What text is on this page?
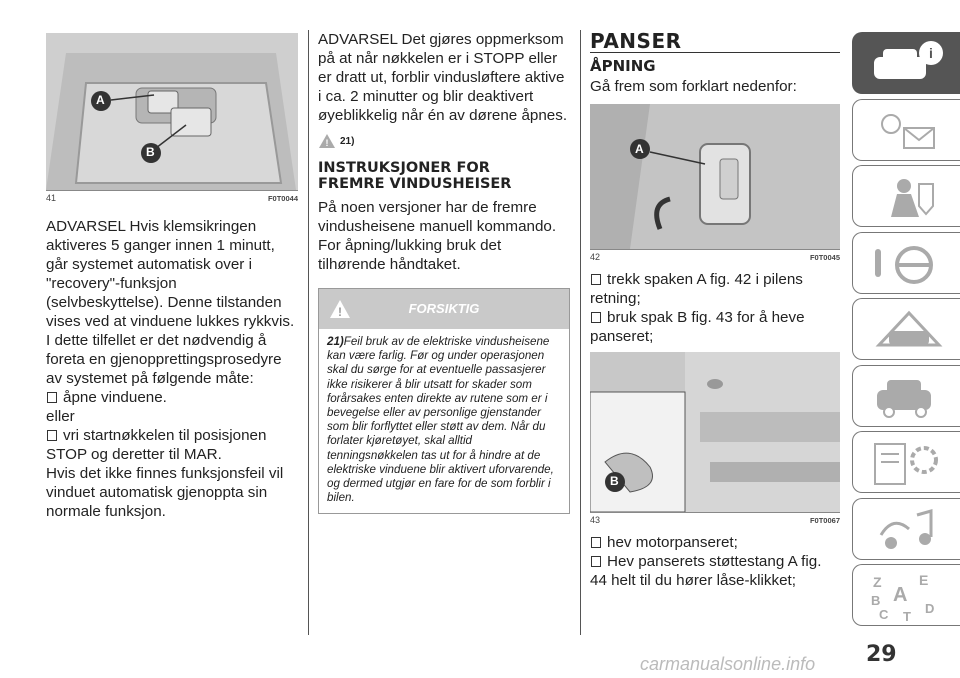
A
B
41	F0T0044

ADVARSEL Hvis klemsikringen aktiveres 5 ganger innen 1 minutt, går systemet automatisk over i "recovery"-funksjon (selvbeskyttelse). Denne tilstanden vises ved at vinduene lukkes rykkvis.

I dette tilfellet er det nødvendig å foreta en gjenopprettingsprosedyre av systemet på følgende måte:

åpne vinduene.

eller

vri startnøkkelen til posisjonen STOP og deretter til MAR.

Hvis det ikke finnes funksjonsfeil vil vinduet automatisk gjenoppta sin normale funksjon.

ADVARSEL Det gjøres oppmerksom på at når nøkkelen er i STOPP eller er dratt ut, forblir vindusløftere aktive i ca. 2 minutter og blir deaktivert øyeblikkelig når én av dørene åpnes.

! 21)
INSTRUKSJONER FOR
FREMRE VINDUSHEISER

På noen versjoner har de fremre vindusheisene manuell kommando.

For åpning/lukking bruk det tilhørende håndtaket.

!	FORSIKTIG
21)Feil bruk av de elektriske vindusheisene kan være farlig. Før og under operasjonen skal du sørge for at eventuelle passasjerer ikke risikerer å blir utsatt for skader som forårsakes enten direkte av rutene som er i bevegelse eller av personlige gjenstander som blir forflyttet eller støtt av dem. Når du forlater kjøretøyet, skal alltid tenningsnøkkelen tas ut for å hindre at de elektriske vinduene blir aktivert uforvarende, og dermed utgjør en fare for de som forblir i bilen.
PANSER
ÅPNING

Gå frem som forklart nedenfor:

A
42	F0T0045

trekk spaken A fig. 42 i pilens retning;

bruk spak B fig. 43 for å heve panseret;

B
43	F0T0067

hev motorpanseret;

Hev panserets støttestang A fig. 44 helt til du hører låse-klikket;

i
Z	E
A
B
C	D
T
29
carmanualsonline.info
